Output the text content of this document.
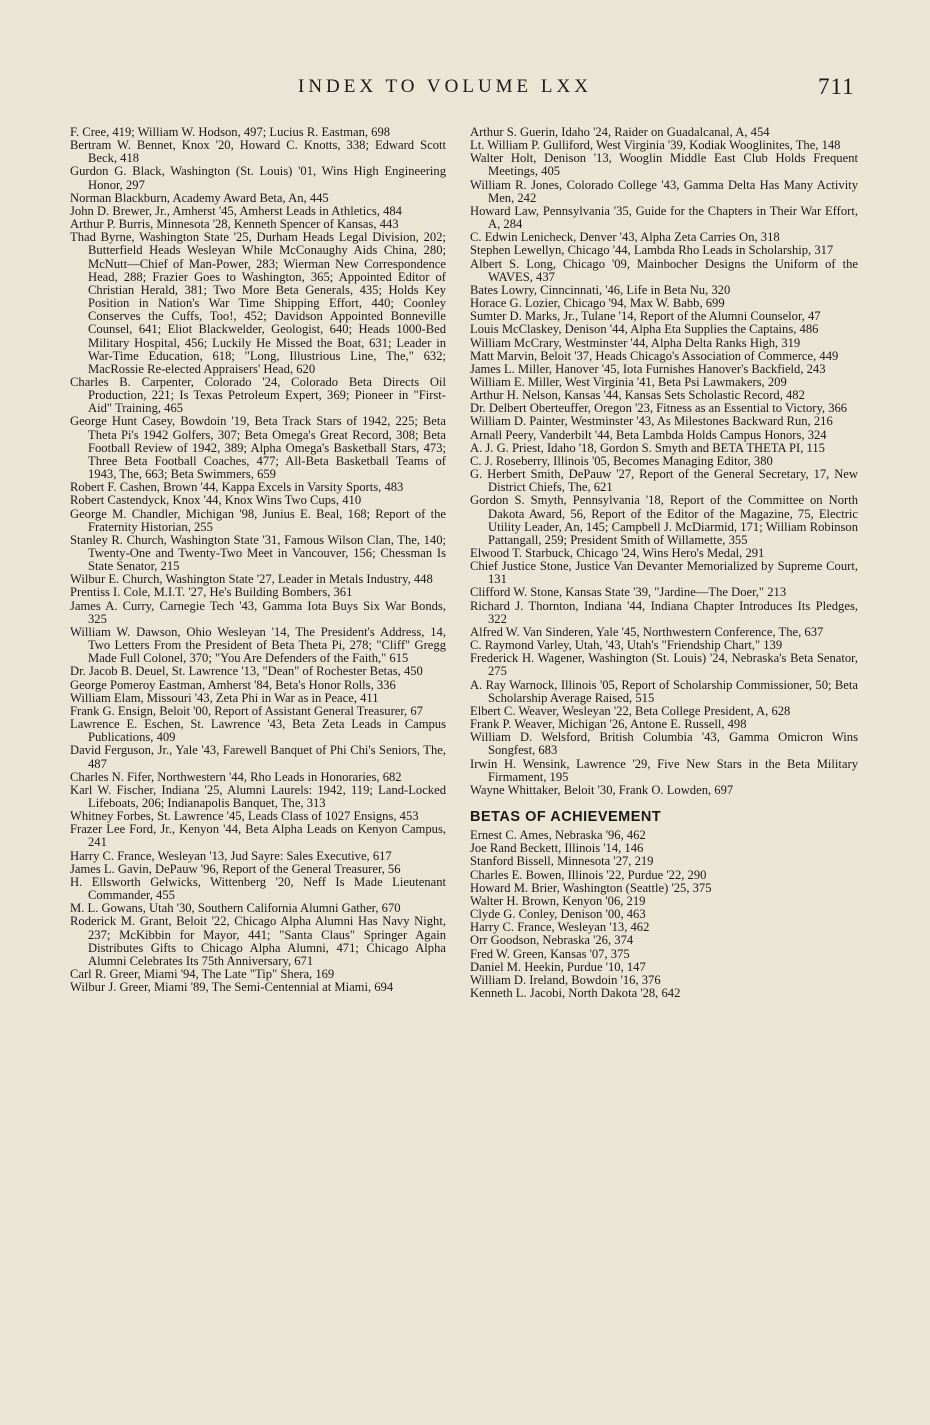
INDEX TO VOLUME LXX	711
F. Cree, 419; William W. Hodson, 497; Lucius R. Eastman, 698
Bertram W. Bennet, Knox '20, Howard C. Knotts, 338; Edward Scott Beck, 418
Gurdon G. Black, Washington (St. Louis) '01, Wins High Engineering Honor, 297
Norman Blackburn, Academy Award Beta, An, 445
John D. Brewer, Jr., Amherst '45, Amherst Leads in Athletics, 484
Arthur P. Burris, Minnesota '28, Kenneth Spencer of Kansas, 443
Thad Byrne, Washington State '25, Durham Heads Legal Division, 202; Butterfield Heads Wesleyan While McConaughy Aids China, 280; McNutt—Chief of Man-Power, 283; Wierman New Correspondence Head, 288; Frazier Goes to Washington, 365; Appointed Editor of Christian Herald, 381; Two More Beta Generals, 435; Holds Key Position in Nation's War Time Shipping Effort, 440; Coonley Conserves the Cuffs, Too!, 452; Davidson Appointed Bonneville Counsel, 641; Eliot Blackwelder, Geologist, 640; Heads 1000-Bed Military Hospital, 456; Luckily He Missed the Boat, 631; Leader in War-Time Education, 618; "Long, Illustrious Line, The," 632; MacRossie Re-elected Appraisers' Head, 620
Charles B. Carpenter, Colorado '24, Colorado Beta Directs Oil Production, 221; Is Texas Petroleum Expert, 369; Pioneer in "First-Aid" Training, 465
George Hunt Casey, Bowdoin '19, Beta Track Stars of 1942, 225; Beta Theta Pi's 1942 Golfers, 307; Beta Omega's Great Record, 308; Beta Football Review of 1942, 389; Alpha Omega's Basketball Stars, 473; Three Beta Football Coaches, 477; All-Beta Basketball Teams of 1943, The, 663; Beta Swimmers, 659
Robert F. Cashen, Brown '44, Kappa Excels in Varsity Sports, 483
Robert Castendyck, Knox '44, Knox Wins Two Cups, 410
George M. Chandler, Michigan '98, Junius E. Beal, 168; Report of the Fraternity Historian, 255
Stanley R. Church, Washington State '31, Famous Wilson Clan, The, 140; Twenty-One and Twenty-Two Meet in Vancouver, 156; Chessman Is State Senator, 215
Wilbur E. Church, Washington State '27, Leader in Metals Industry, 448
Prentiss I. Cole, M.I.T. '27, He's Building Bombers, 361
James A. Curry, Carnegie Tech '43, Gamma Iota Buys Six War Bonds, 325
William W. Dawson, Ohio Wesleyan '14, The President's Address, 14, Two Letters From the President of Beta Theta Pi, 278; "Cliff" Gregg Made Full Colonel, 370; "You Are Defenders of the Faith," 615
Dr. Jacob B. Deuel, St. Lawrence '13, "Dean" of Rochester Betas, 450
George Pomeroy Eastman, Amherst '84, Beta's Honor Rolls, 336
William Elam, Missouri '43, Zeta Phi in War as in Peace, 411
Frank G. Ensign, Beloit '00, Report of Assistant General Treasurer, 67
Lawrence E. Eschen, St. Lawrence '43, Beta Zeta Leads in Campus Publications, 409
David Ferguson, Jr., Yale '43, Farewell Banquet of Phi Chi's Seniors, The, 487
Charles N. Fifer, Northwestern '44, Rho Leads in Honoraries, 682
Karl W. Fischer, Indiana '25, Alumni Laurels: 1942, 119; Land-Locked Lifeboats, 206; Indianapolis Banquet, The, 313
Whitney Forbes, St. Lawrence '45, Leads Class of 1027 Ensigns, 453
Frazer Lee Ford, Jr., Kenyon '44, Beta Alpha Leads on Kenyon Campus, 241
Harry C. France, Wesleyan '13, Jud Sayre: Sales Executive, 617
James L. Gavin, DePauw '96, Report of the General Treasurer, 56
H. Ellsworth Gelwicks, Wittenberg '20, Neff Is Made Lieutenant Commander, 455
M. L. Gowans, Utah '30, Southern California Alumni Gather, 670
Roderick M. Grant, Beloit '22, Chicago Alpha Alumni Has Navy Night, 237; McKibbin for Mayor, 441; "Santa Claus" Springer Again Distributes Gifts to Chicago Alpha Alumni, 471; Chicago Alpha Alumni Celebrates Its 75th Anniversary, 671
Carl R. Greer, Miami '94, The Late "Tip" Shera, 169
Wilbur J. Greer, Miami '89, The Semi-Centennial at Miami, 694
Arthur S. Guerin, Idaho '24, Raider on Guadalcanal, A, 454
Lt. William P. Gulliford, West Virginia '39, Kodiak Wooglinites, The, 148
Walter Holt, Denison '13, Wooglin Middle East Club Holds Frequent Meetings, 405
William R. Jones, Colorado College '43, Gamma Delta Has Many Activity Men, 242
Howard Law, Pennsylvania '35, Guide for the Chapters in Their War Effort, A, 284
C. Edwin Lenicheck, Denver '43, Alpha Zeta Carries On, 318
Stephen Lewellyn, Chicago '44, Lambda Rho Leads in Scholarship, 317
Albert S. Long, Chicago '09, Mainbocher Designs the Uniform of the WAVES, 437
Bates Lowry, Cinncinnati, '46, Life in Beta Nu, 320
Horace G. Lozier, Chicago '94, Max W. Babb, 699
Sumter D. Marks, Jr., Tulane '14, Report of the Alumni Counselor, 47
Louis McClaskey, Denison '44, Alpha Eta Supplies the Captains, 486
William McCrary, Westminster '44, Alpha Delta Ranks High, 319
Matt Marvin, Beloit '37, Heads Chicago's Association of Commerce, 449
James L. Miller, Hanover '45, Iota Furnishes Hanover's Backfield, 243
William E. Miller, West Virginia '41, Beta Psi Lawmakers, 209
Arthur H. Nelson, Kansas '44, Kansas Sets Scholastic Record, 482
Dr. Delbert Oberteuffer, Oregon '23, Fitness as an Essential to Victory, 366
William D. Painter, Westminster '43, As Milestones Backward Run, 216
Arnall Peery, Vanderbilt '44, Beta Lambda Holds Campus Honors, 324
A. J. G. Priest, Idaho '18, Gordon S. Smyth and BETA THETA PI, 115
C. J. Roseberry, Illinois '05, Becomes Managing Editor, 380
G. Herbert Smith, DePauw '27, Report of the General Secretary, 17, New District Chiefs, The, 621
Gordon S. Smyth, Pennsylvania '18, Report of the Committee on North Dakota Award, 56, Report of the Editor of the Magazine, 75, Electric Utility Leader, An, 145; Campbell J. McDiarmid, 171; William Robinson Pattangall, 259; President Smith of Willamette, 355
Elwood T. Starbuck, Chicago '24, Wins Hero's Medal, 291
Chief Justice Stone, Justice Van Devanter Memorialized by Supreme Court, 131
Clifford W. Stone, Kansas State '39, "Jardine—The Doer," 213
Richard J. Thornton, Indiana '44, Indiana Chapter Introduces Its Pledges, 322
Alfred W. Van Sinderen, Yale '45, Northwestern Conference, The, 637
C. Raymond Varley, Utah, '43, Utah's "Friendship Chart," 139
Frederick H. Wagener, Washington (St. Louis) '24, Nebraska's Beta Senator, 275
A. Ray Warnock, Illinois '05, Report of Scholarship Commissioner, 50; Beta Scholarship Average Raised, 515
Elbert C. Weaver, Wesleyan '22, Beta College President, A, 628
Frank P. Weaver, Michigan '26, Antone E. Russell, 498
William D. Welsford, British Columbia '43, Gamma Omicron Wins Songfest, 683
Irwin H. Wensink, Lawrence '29, Five New Stars in the Beta Military Firmament, 195
Wayne Whittaker, Beloit '30, Frank O. Lowden, 697
BETAS OF ACHIEVEMENT
Ernest C. Ames, Nebraska '96, 462
Joe Rand Beckett, Illinois '14, 146
Stanford Bissell, Minnesota '27, 219
Charles E. Bowen, Illinois '22, Purdue '22, 290
Howard M. Brier, Washington (Seattle) '25, 375
Walter H. Brown, Kenyon '06, 219
Clyde G. Conley, Denison '00, 463
Harry C. France, Wesleyan '13, 462
Orr Goodson, Nebraska '26, 374
Fred W. Green, Kansas '07, 375
Daniel M. Heekin, Purdue '10, 147
William D. Ireland, Bowdoin '16, 376
Kenneth L. Jacobi, North Dakota '28, 642
